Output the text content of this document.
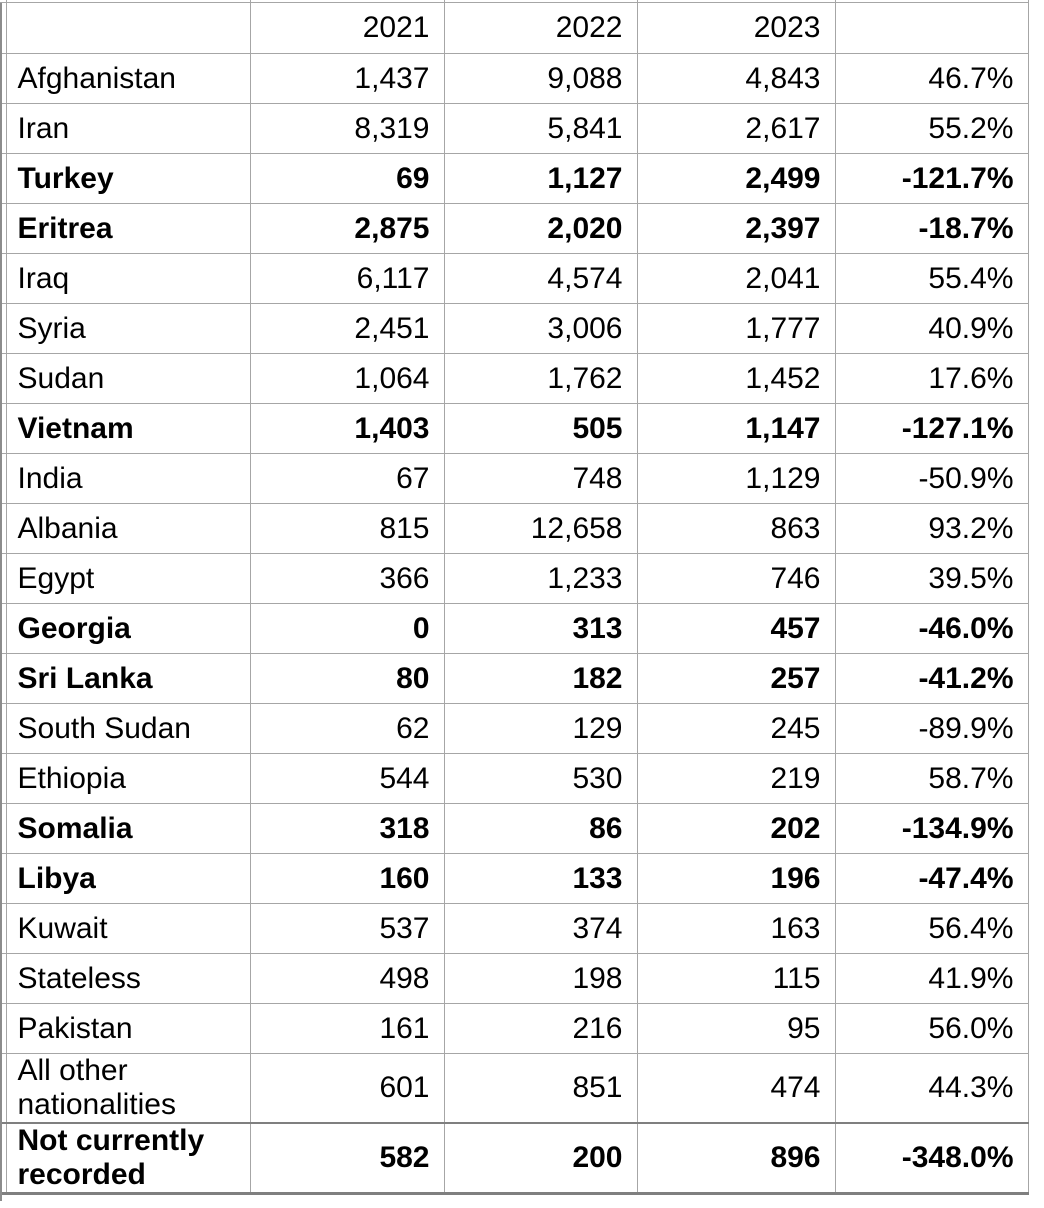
		2021	2022	2023	
	Afghanistan	1,437	9,088	4,843	46.7%
	Iran	8,319	5,841	2,617	55.2%
	Turkey	69	1,127	2,499	-121.7%
	Eritrea	2,875	2,020	2,397	-18.7%
	Iraq	6,117	4,574	2,041	55.4%
	Syria	2,451	3,006	1,777	40.9%
	Sudan	1,064	1,762	1,452	17.6%
	Vietnam	1,403	505	1,147	-127.1%
	India	67	748	1,129	-50.9%
	Albania	815	12,658	863	93.2%
	Egypt	366	1,233	746	39.5%
	Georgia	0	313	457	-46.0%
	Sri Lanka	80	182	257	-41.2%
	South Sudan	62	129	245	-89.9%
	Ethiopia	544	530	219	58.7%
	Somalia	318	86	202	-134.9%
	Libya	160	133	196	-47.4%
	Kuwait	537	374	163	56.4%
	Stateless	498	198	115	41.9%
	Pakistan	161	216	95	56.0%
	All other nationalities	601	851	474	44.3%
	Not currently recorded	582	200	896	-348.0%
